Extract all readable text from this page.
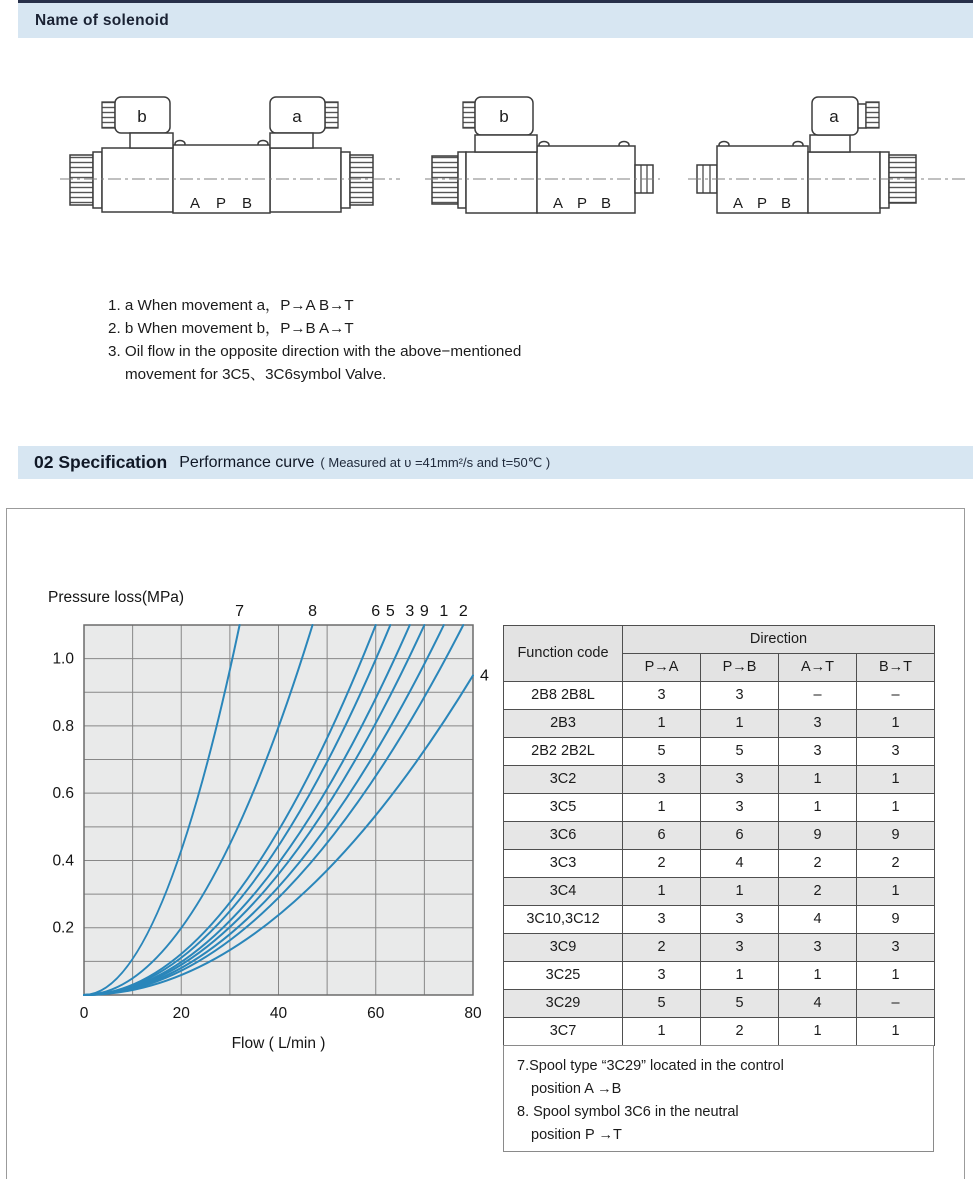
Name of solenoid
b	a
A P B
b
A P B
a
A P B
1. a When movement a，P→A B→T
2. b When movement b，P→B A→T
3. Oil flow in the opposite direction with the above−mentioned
movement for 3C5、3C6symbol Valve.
02 Specification Performance curve ( Measured at υ =41mm²/s and t=50℃ )
7	8	6 5 3 9 1 2
4
0	20	40	60	80
0.2
0.4
0.6
0.8
1.0
Pressure loss(MPa)
Flow ( L/min )
Function code	Direction			
	P→A	P→B	A→T	B→T
2B8 2B8L	3	3	–	–
2B3	1	1	3	1
2B2 2B2L	5	5	3	3
3C2	3	3	1	1
3C5	1	3	1	1
3C6	6	6	9	9
3C3	2	4	2	2
3C4	1	1	2	1
3C10,3C12	3	3	4	9
3C9	2	3	3	3
3C25	3	1	1	1
3C29	5	5	4	–
3C7	1	2	1	1
7.Spool type “3C29” located in the control
position A →B
8. Spool symbol 3C6 in the neutral
position P →T
